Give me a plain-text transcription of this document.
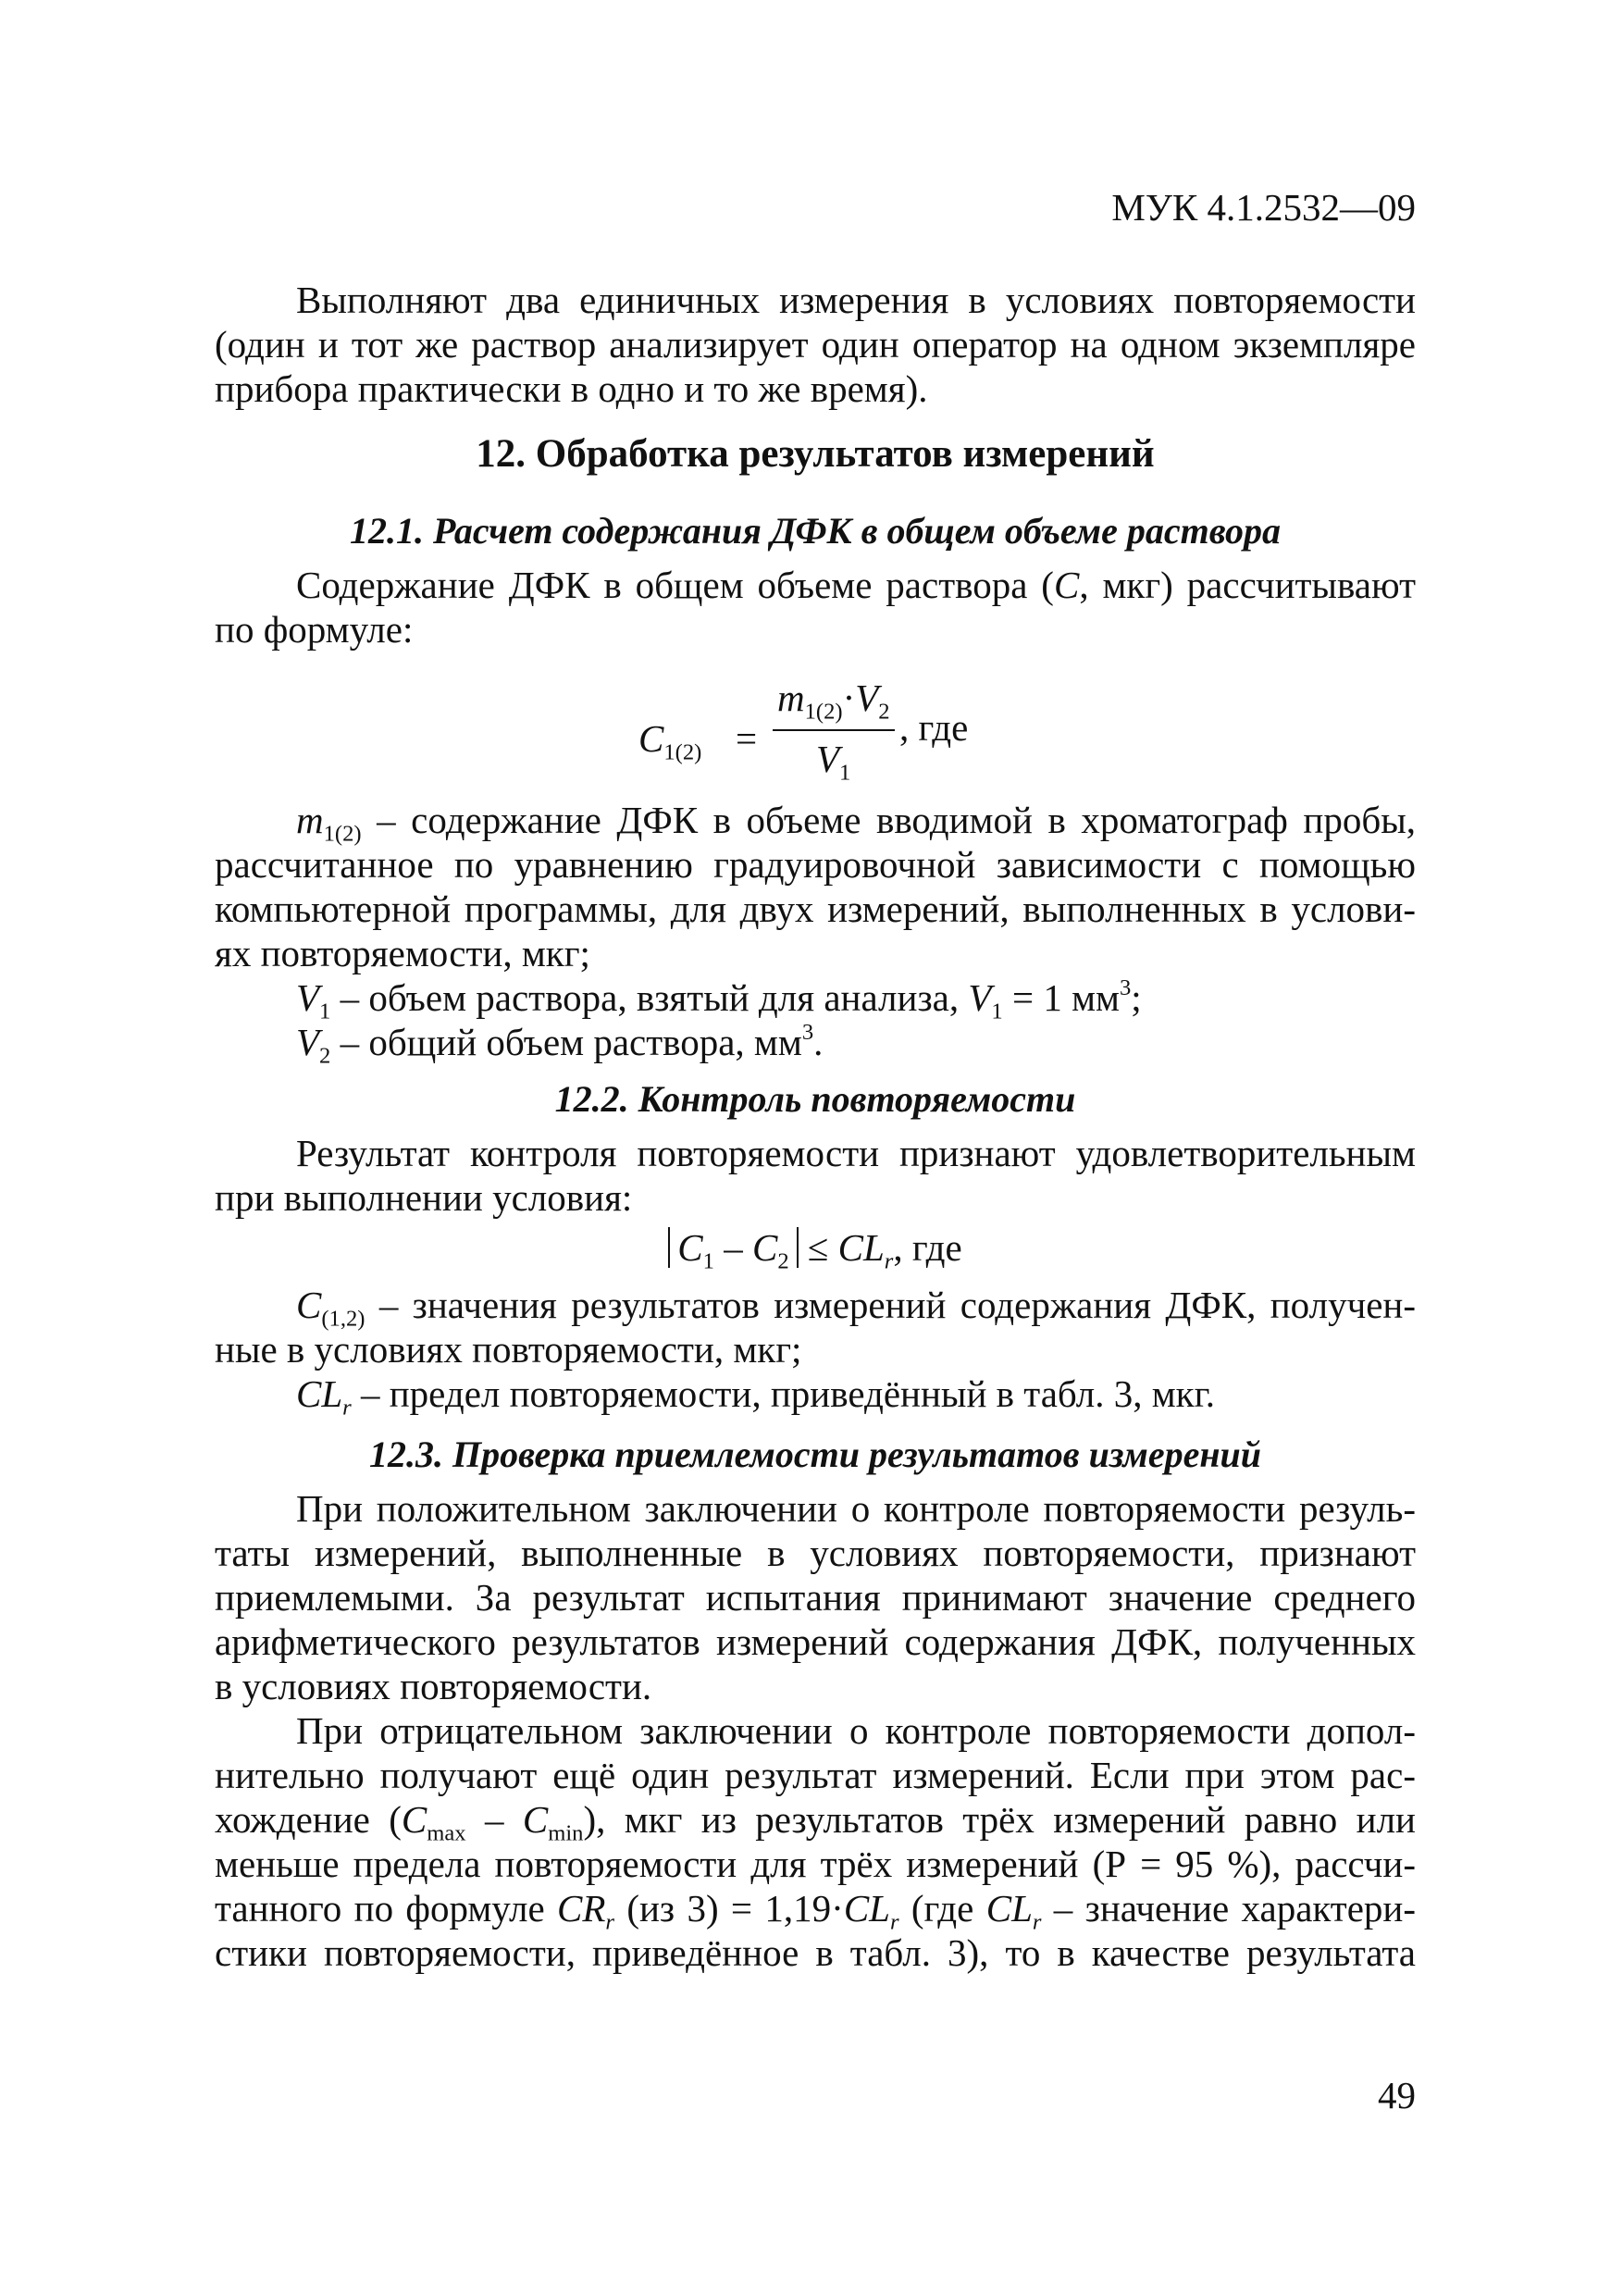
МУК 4.1.2532—09
Выполняют два единичных измерения в условиях повторяемости
(один и тот же раствор анализирует один оператор на одном экземпляре
прибора практически в одно и то же время).
12. Обработка результатов измерений
12.1. Расчет содержания ДФК в общем объеме раствора
Содержание ДФК в общем объеме раствора (C, мкг) рассчитывают
по формуле:
$C_{1(2)}$ =
$m_{1(2)}\cdot V_2$
$V_1$
, где
$m_{1(2)}$ – содержание ДФК в объеме вводимой в хроматограф пробы,
рассчитанное по уравнению градуировочной зависимости с помощью
компьютерной программы, для двух измерений, выполненных в услови-
ях повторяемости, мкг;
$V_1$ – объем раствора, взятый для анализа, $V_1 = 1$ $мм^3$;
$V_2$ – общий объем раствора, $мм^3$.
12.2. Контроль повторяемости
Результат контроля повторяемости признают удовлетворительным
при выполнении условия:
$C_1 - C_2 \le CL_r$, где
$C_{(1,2)}$ – значения результатов измерений содержания ДФК, получен-
ные в условиях повторяемости, мкг;
$CL_r$ – предел повторяемости, приведённый в табл. 3, мкг.
12.3. Проверка приемлемости результатов измерений
При положительном заключении о контроле повторяемости резуль-
таты измерений, выполненные в условиях повторяемости, признают
приемлемыми. За результат испытания принимают значение среднего
арифметического результатов измерений содержания ДФК, полученных
в условиях повторяемости.
При отрицательном заключении о контроле повторяемости допол-
нительно получают ещё один результат измерений. Если при этом рас-
хождение $(C_{max} - C_{min})$, мкг из результатов трёх измерений равно или
меньше предела повторяемости для трёх измерений (Р = 95 %), рассчи-
танного по формуле $CR_r$ (из $3) = 1,19\cdot CL_r$ (где $CL_r$ – значение характери-
стики повторяемости, приведённое в табл. 3), то в качестве результата
49
